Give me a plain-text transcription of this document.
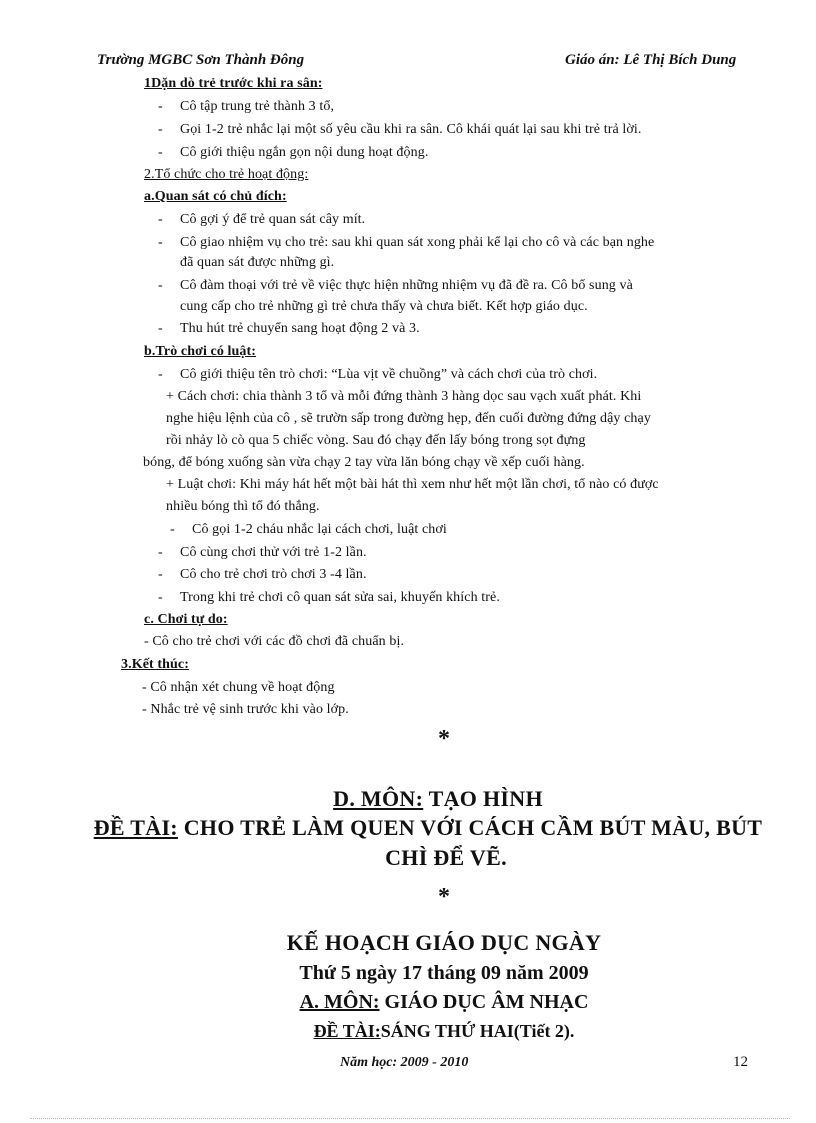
Trường MGBC Sơn Thành Đông	Giáo án: Lê Thị Bích Dung
1Dặn dò trẻ trước khi ra sân:
- Cô tập trung trẻ thành 3 tổ,
- Gọi 1-2 trẻ nhắc lại một số yêu cầu khi ra sân. Cô khái quát lại sau khi trẻ trả lời.
- Cô giới thiệu ngắn gọn nội dung hoạt động.
2.Tổ chức cho trẻ hoạt động:
a.Quan sát có chủ đích:
- Cô gợi ý để trẻ quan sát cây mít.
- Cô giao nhiệm vụ cho trẻ: sau khi quan sát xong phải kể lại cho cô và các bạn nghe
đã quan sát được những gì.
- Cô đàm thoại với trẻ về việc thực hiện những nhiệm vụ đã đề ra. Cô bổ sung và
cung cấp cho trẻ những gì trẻ chưa thấy và chưa biết. Kết hợp giáo dục.
- Thu hút trẻ chuyển sang hoạt động 2 và 3.
b.Trò chơi có luật:
- Cô giới thiệu tên trò chơi: “Lùa vịt về chuồng” và cách chơi của trò chơi.
+ Cách chơi: chia thành 3 tổ và mỗi đứng thành 3 hàng dọc sau vạch xuất phát. Khi
nghe hiệu lệnh của cô , sẽ trườn sấp trong đường hẹp, đến cuối đường đứng dậy chạy
rồi nhảy lò cò qua 5 chiếc vòng. Sau đó chạy đến lấy bóng trong sọt đựng
bóng, để bóng xuống sàn vừa chạy 2 tay vừa lăn bóng chạy về xếp cuối hàng.
+ Luật chơi: Khi máy hát hết một bài hát thì xem như hết một lần chơi, tổ nào có được
nhiều bóng thì tổ đó thắng.
- Cô gọi 1-2 cháu nhắc lại cách chơi, luật chơi
- Cô cùng chơi thử với trẻ 1-2 lần.
- Cô cho trẻ chơi trò chơi 3 -4 lần.
- Trong khi trẻ chơi cô quan sát sửa sai, khuyến khích trẻ.
c. Chơi tự do:
- Cô cho trẻ chơi với các đồ chơi đã chuẩn bị.
3.Kết thúc:
- Cô nhận xét chung về hoạt động
- Nhắc trẻ vệ sinh trước khi vào lớp.
*
D. MÔN: TẠO HÌNH
ĐỀ TÀI: CHO TRẺ LÀM QUEN VỚI CÁCH CẦM BÚT MÀU, BÚT
CHÌ ĐỂ VẼ.
*
KẾ HOẠCH GIÁO DỤC NGÀY
Thứ 5 ngày 17 tháng 09 năm 2009
A. MÔN: GIÁO DỤC ÂM NHẠC
ĐỀ TÀI:SÁNG THỨ HAI(Tiết 2).
Năm học: 2009 - 2010	12
